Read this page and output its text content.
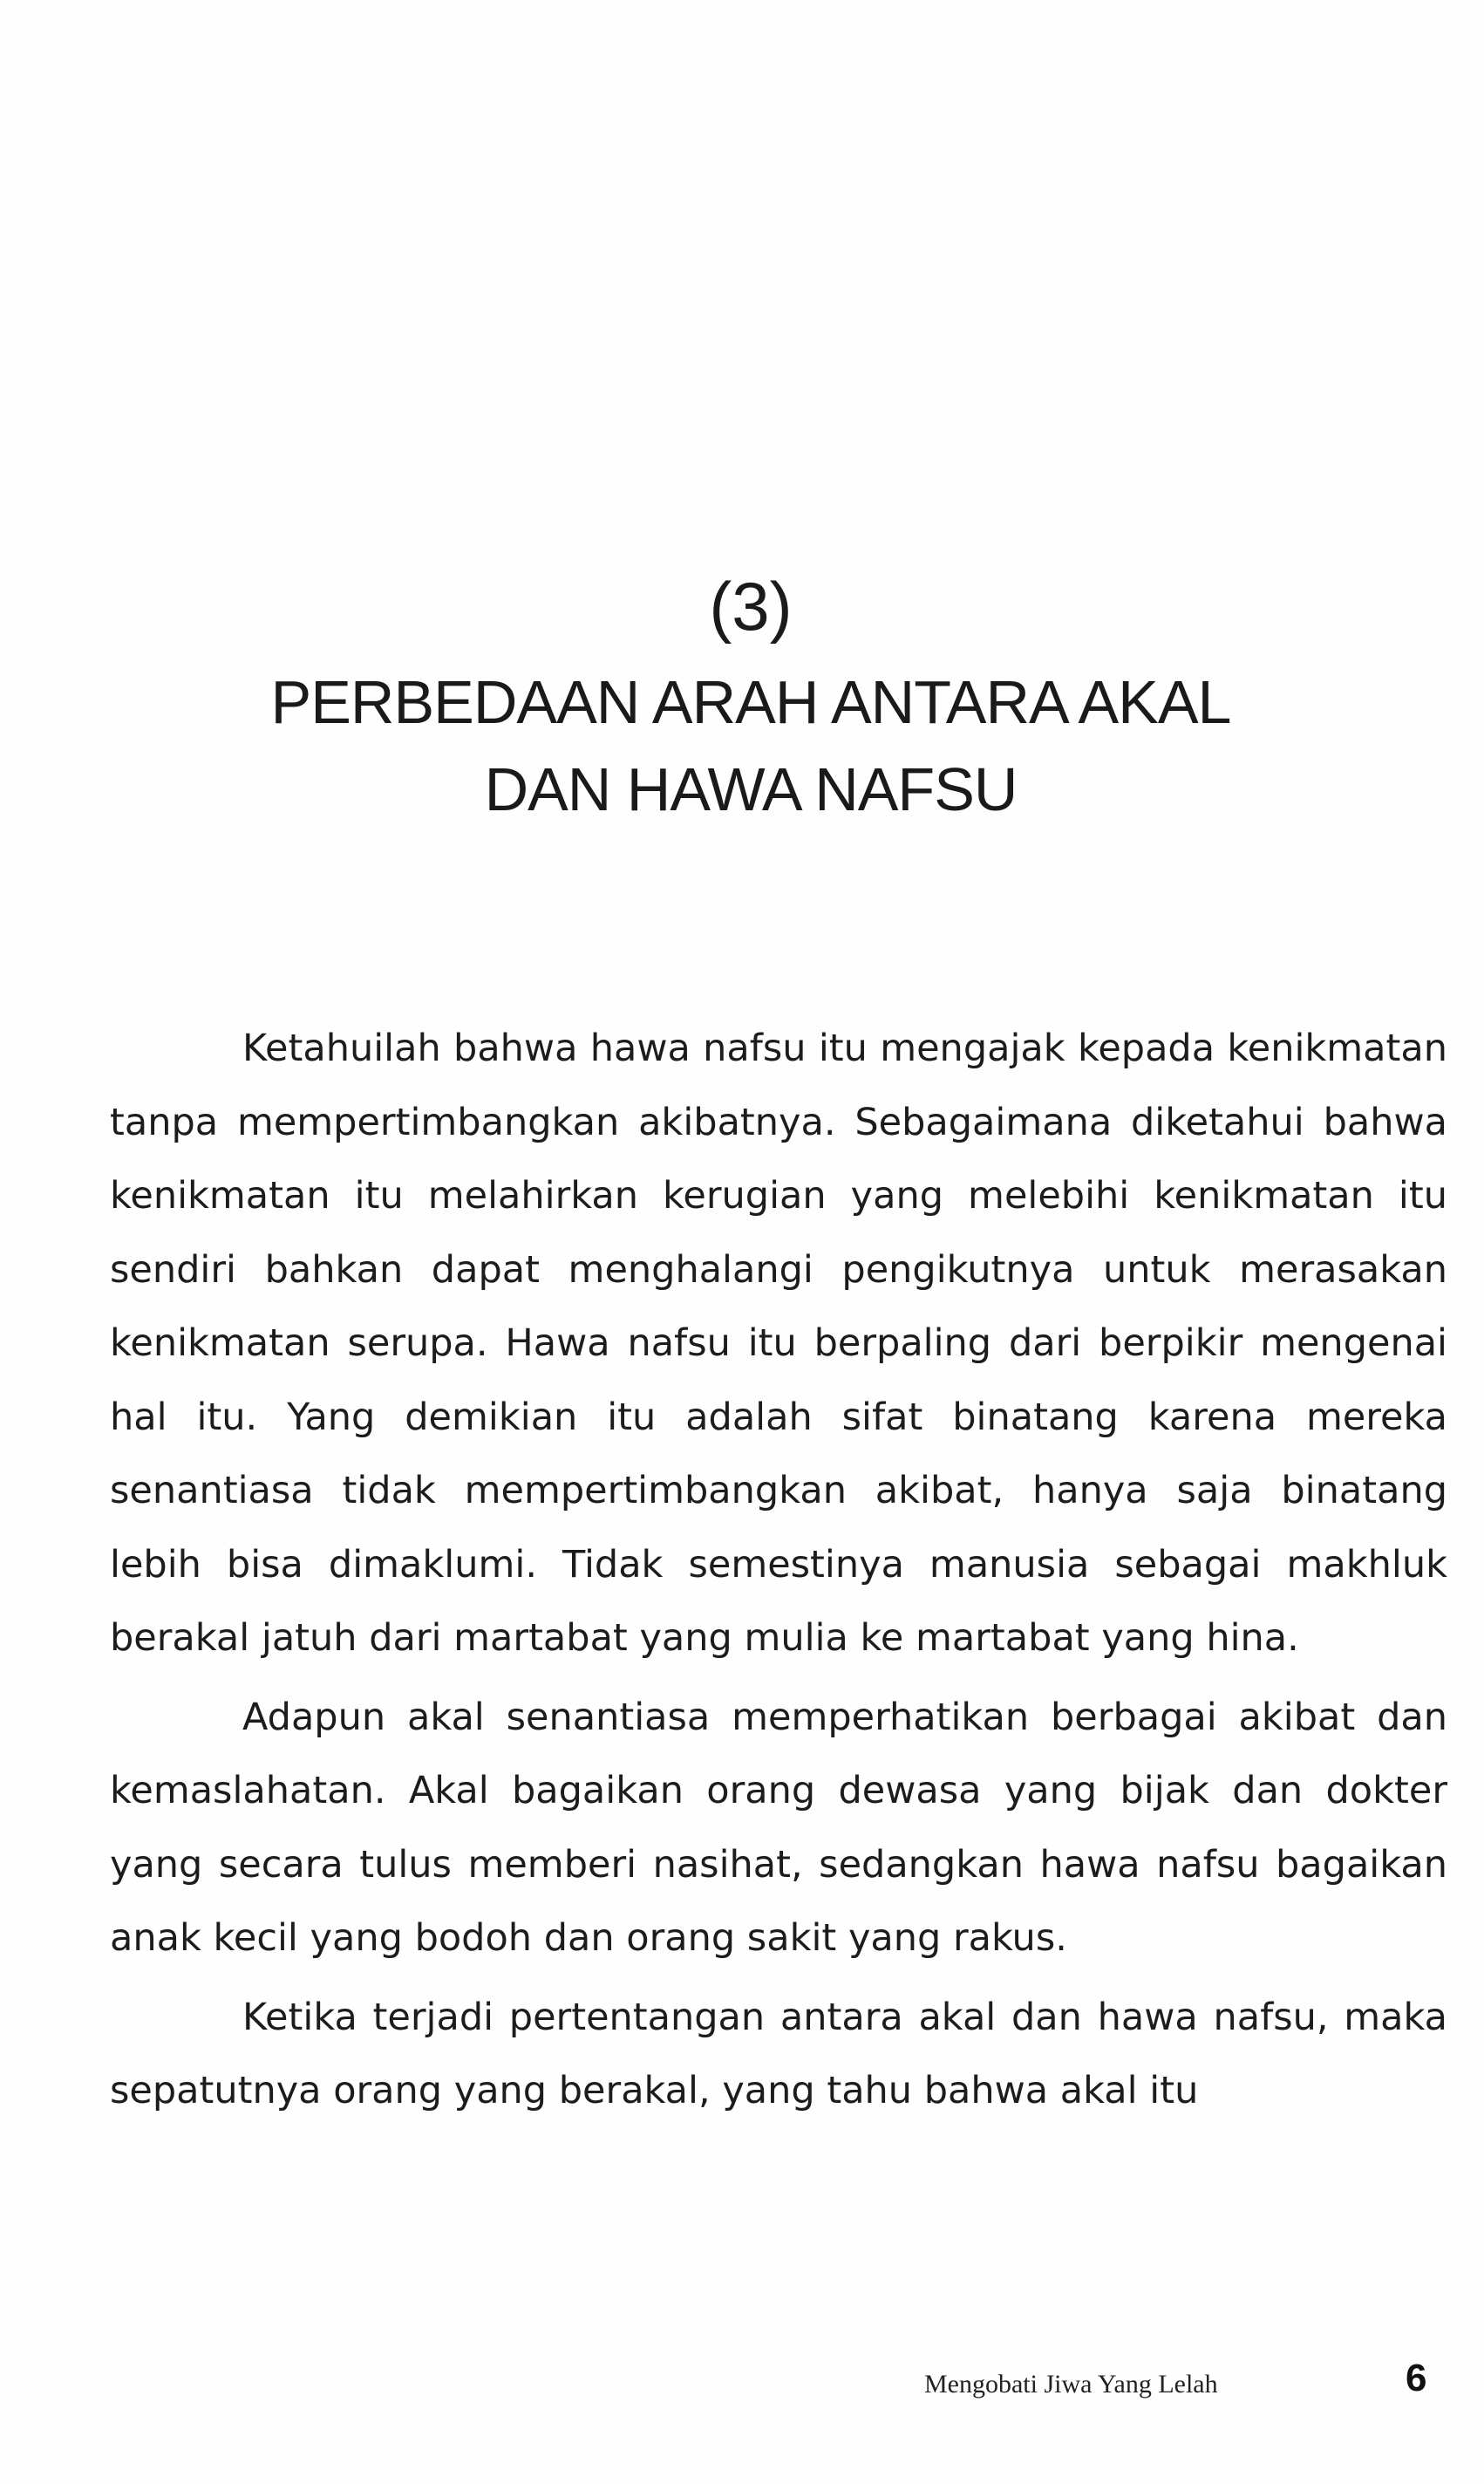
(3)
PERBEDAAN ARAH ANTARA AKAL
DAN HAWA NAFSU

Ketahuilah bahwa hawa nafsu itu mengajak kepada kenikmatan tanpa mempertimbangkan akibatnya. Sebagaimana diketahui bahwa kenikmatan itu melahirkan kerugian yang melebihi kenikmatan itu sendiri bahkan dapat menghalangi pengikutnya untuk merasakan kenikmatan serupa. Hawa nafsu itu berpaling dari berpikir mengenai hal itu. Yang demikian itu adalah sifat binatang karena mereka senantiasa tidak mempertimbangkan akibat, hanya saja binatang lebih bisa dimaklumi. Tidak semestinya manusia sebagai makhluk berakal jatuh dari martabat yang mulia ke martabat yang hina.

Adapun akal senantiasa memperhatikan berbagai akibat dan kemaslahatan. Akal bagaikan orang dewasa yang bijak dan dokter yang secara tulus memberi nasihat, sedangkan hawa nafsu bagaikan anak kecil yang bodoh dan orang sakit yang rakus.

Ketika terjadi pertentangan antara akal dan hawa nafsu, maka sepatutnya orang yang berakal, yang tahu bahwa akal itu

Mengobati Jiwa Yang Lelah	6
